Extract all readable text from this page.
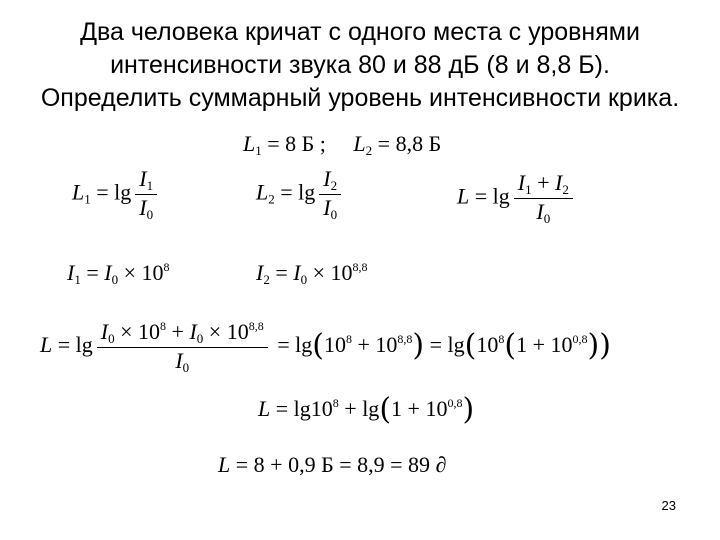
Два человека кричат с одного места с уровнями
интенсивности звука 80 и 88 дБ (8 и 8,8 Б).
Определить суммарный уровень интенсивности крика.
$L_1 = 8$ Б ;     $L_2 = 8,8$ Б
$L_1 = \lg \frac{I_1}{I_0}$	$L_2 = \lg \frac{I_2}{I_0}$	$L = \lg \frac{I_1 + I_2}{I_0}$
$I_1 = I_0 \times 10^8$	$I_2 = I_0 \times 10^{8,8}$
$L = \lg \frac{I_0 \times 10^8 + I_0 \times 10^{8,8}}{I_0} = \lg(10^8 + 10^{8,8}) = \lg(10^8(1 + 10^{0,8}))$
$L = \lg 10^8 + \lg(1 + 10^{0,8})$
L = 8 + 0,9 Б = 8,9 = 89 ∂
23
